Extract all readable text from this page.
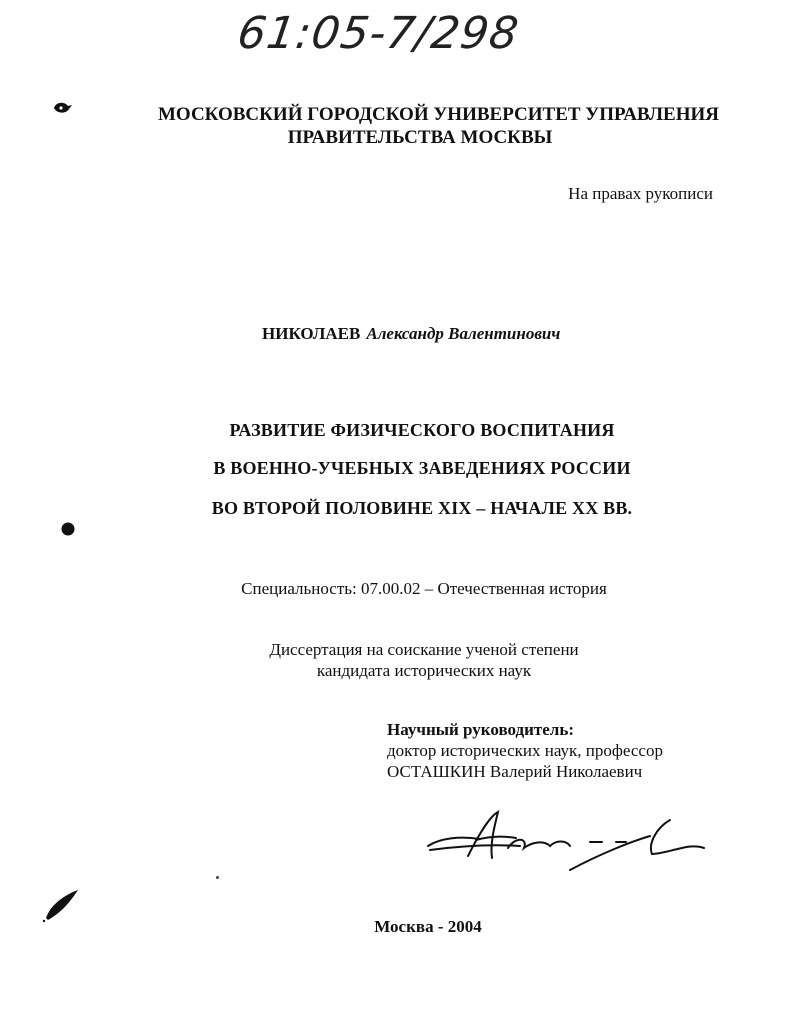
61:05-7/298
МОСКОВСКИЙ ГОРОДСКОЙ УНИВЕРСИТЕТ УПРАВЛЕНИЯ
ПРАВИТЕЛЬСТВА МОСКВЫ
На правах рукописи
НИКОЛАЕВ Александр Валентинович
РАЗВИТИЕ ФИЗИЧЕСКОГО ВОСПИТАНИЯ
В ВОЕННО-УЧЕБНЫХ ЗАВЕДЕНИЯХ РОССИИ
ВО ВТОРОЙ ПОЛОВИНЕ XIX – НАЧАЛЕ XX ВВ.
Специальность: 07.00.02 – Отечественная история
Диссертация на соискание ученой степени
кандидата исторических наук
Научный руководитель:
доктор исторических наук, профессор
ОСТАШКИН Валерий Николаевич
Москва - 2004
